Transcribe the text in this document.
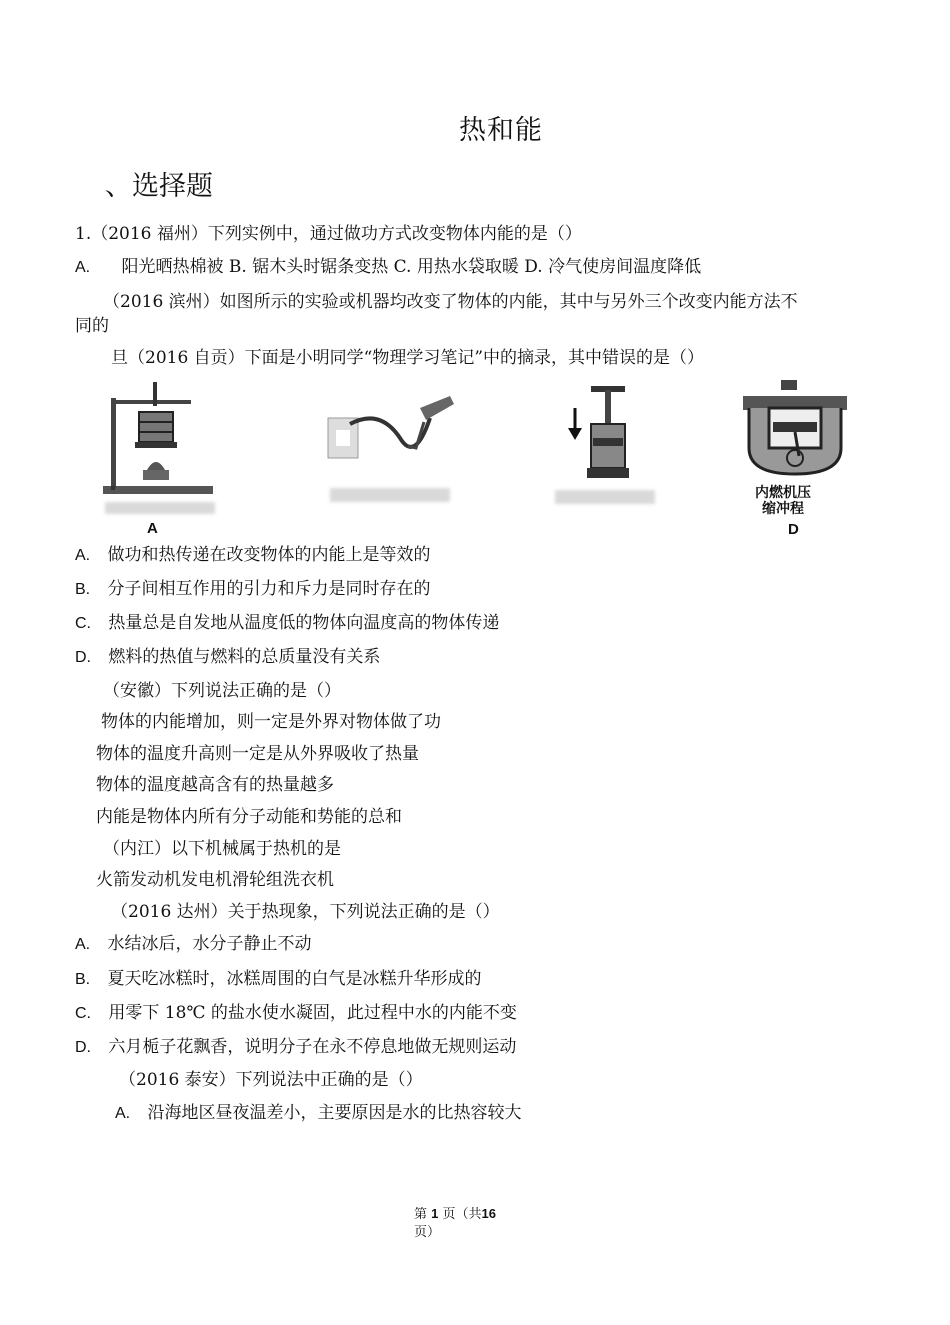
热和能
、选择题
1.（2016 福州）下列实例中，通过做功方式改变物体内能的是（）
A. 阳光晒热棉被 B. 锯木头时锯条变热 C. 用热水袋取暖 D. 冷气使房间温度降低
（2016 滨州）如图所示的实验或机器均改变了物体的内能，其中与另外三个改变内能方法不
同的
旦（2016 自贡）下面是小明同学“物理学习笔记”中的摘录，其中错误的是（）
A
内燃机压
缩冲程
D
A. 做功和热传递在改变物体的内能上是等效的
B. 分子间相互作用的引力和斥力是同时存在的
C. 热量总是自发地从温度低的物体向温度高的物体传递
D. 燃料的热值与燃料的总质量没有关系
（安徽）下列说法正确的是（）
物体的内能增加，则一定是外界对物体做了功
物体的温度升高则一定是从外界吸收了热量
物体的温度越高含有的热量越多
内能是物体内所有分子动能和势能的总和
（内江）以下机械属于热机的是
火箭发动机发电机滑轮组洗衣机
（2016 达州）关于热现象，下列说法正确的是（）
A. 水结冰后，水分子静止不动
B. 夏天吃冰糕时，冰糕周围的白气是冰糕升华形成的
C. 用零下 18℃ 的盐水使水凝固，此过程中水的内能不变
D. 六月栀子花飘香，说明分子在永不停息地做无规则运动
（2016 泰安）下列说法中正确的是（）
A. 沿海地区昼夜温差小，主要原因是水的比热容较大
第 1 页（共16
页）
